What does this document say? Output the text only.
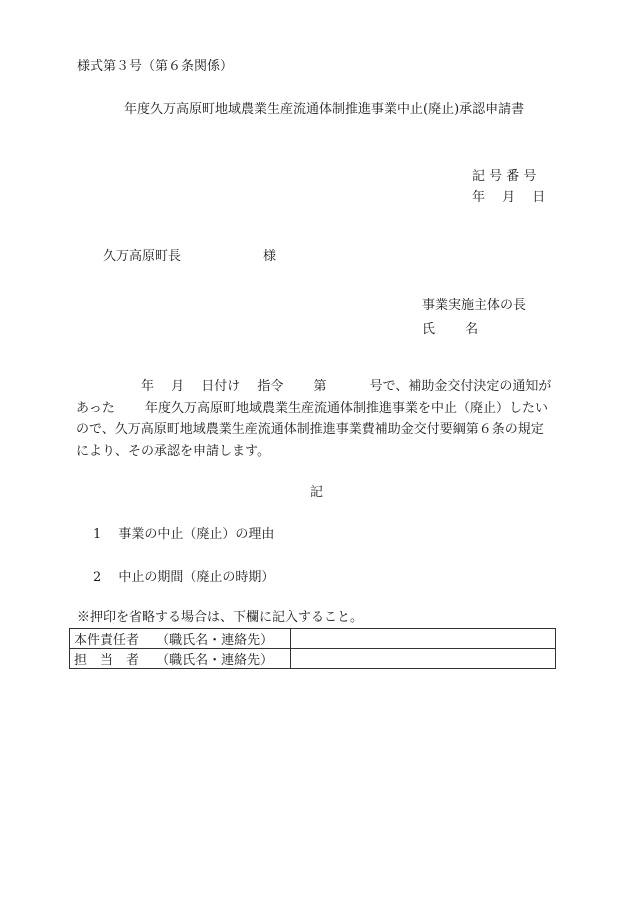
様式第３号（第６条関係）
年度久万高原町地域農業生産流通体制推進事業中止(廃止)承認申請書
記 号 番 号
年　 月　 日
久万高原町長	様
事業実施主体の長
氏　　 名
　　　　　年　 月　 日付け　 指令　　 第　　　 号で、補助金交付決定の通知があった　　 年度久万高原町地域農業生産流通体制推進事業を中止（廃止）したいので、久万高原町地域農業生産流通体制推進事業費補助金交付要綱第６条の規定により、その承認を申請します。
記
1　 事業の中止（廃止）の理由
2　 中止の期間（廃止の時期）
※押印を省略する場合は、下欄に記入すること。
本件責任者　 （職氏名・連絡先）	
担　当　者　 （職氏名・連絡先）	
